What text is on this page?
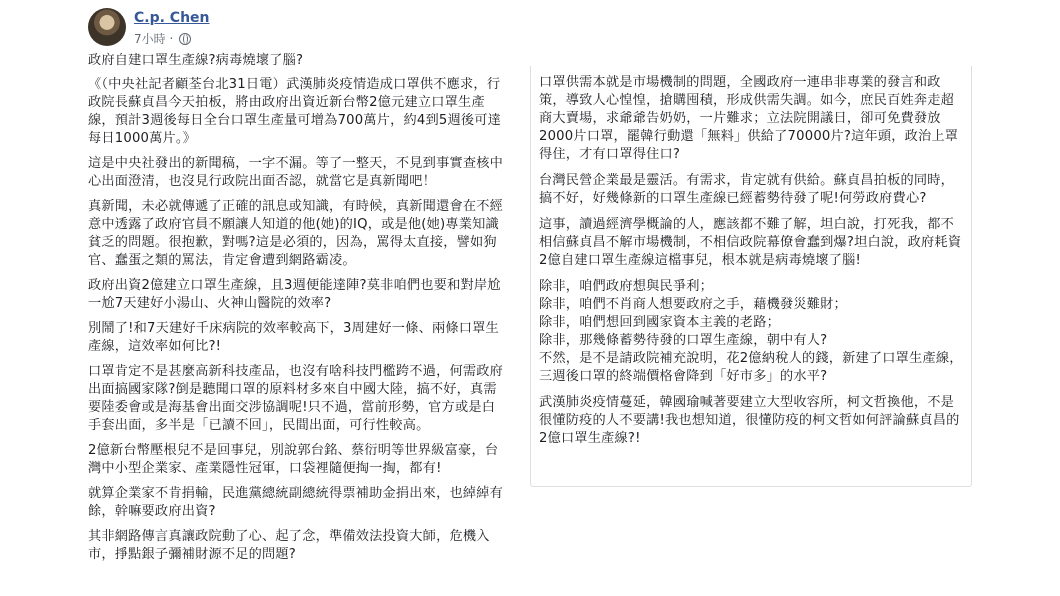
C.p. Chen
7小時 ·

政府自建口罩生產線?病毒燒壞了腦?

《（中央社記者顧荃台北31日電）武漢肺炎疫情造成口罩供不應求，行政院長蘇貞昌今天拍板，將由政府出資近新台幣2億元建立口罩生產線，預計3週後每日全台口罩生產量可增為700萬片，約4到5週後可達每日1000萬片。》

這是中央社發出的新聞稿，一字不漏。等了一整天，不見到事實查核中心出面澄清，也沒見行政院出面否認，就當它是真新聞吧！

真新聞，未必就傳遞了正確的訊息或知識，有時候，真新聞還會在不經意中透露了政府官員不願讓人知道的他(她)的IQ，或是他(她)專業知識貧乏的問題。很抱歉，對嗎?這是必須的，因為，罵得太直接，譬如狗官、蠢蛋之類的罵法，肯定會遭到網路霸凌。

政府出資2億建立口罩生產線，且3週便能達陣?莫非咱們也要和對岸尬一尬7天建好小湯山、火神山醫院的效率?

別鬧了!和7天建好千床病院的效率較高下，3周建好一條、兩條口罩生產線，這效率如何比?!

口罩肯定不是甚麼高新科技產品，也沒有啥科技門檻跨不過，何需政府出面搞國家隊?倒是聽聞口罩的原料材多來自中國大陸，搞不好，真需要陸委會或是海基會出面交涉協調呢!只不過，當前形勢，官方或是白手套出面，多半是「已讀不回」，民間出面，可行性較高。

2億新台幣壓根兒不是回事兒，別說郭台銘、蔡衍明等世界級富豪，台灣中小型企業家、產業隱性冠軍，口袋裡隨便掏一掏，都有!

就算企業家不肯捐輸，民進黨總統副總統得票補助金捐出來，也綽綽有餘，幹嘛要政府出資?

其非網路傳言真讓政院動了心、起了念，準備效法投資大師，危機入市，掙點銀子彌補財源不足的問題?

口罩供需本就是市場機制的問題，全國政府一連串非專業的發言和政策，導致人心惶惶，搶購囤積，形成供需失調。如今，庶民百姓奔走超商大賣場，求爺爺告奶奶，一片難求；立法院開議日，卻可免費發放2000片口罩，罷韓行動還「無料」供給了70000片?這年頭，政治上罩得住，才有口罩得住口?

台灣民營企業最是靈活。有需求，肯定就有供給。蘇貞昌拍板的同時，搞不好，好幾條新的口罩生產線已經蓄勢待發了呢!何勞政府費心?

這事，讀過經濟學概論的人，應該都不難了解，坦白說，打死我，都不相信蘇貞昌不解市場機制，不相信政院幕僚會蠢到爆?坦白說，政府耗資2億自建口罩生產線這檔事兒，根本就是病毒燒壞了腦!

除非，咱們政府想與民爭利；

除非，咱們不肖商人想要政府之手，藉機發災難財；

除非，咱們想回到國家資本主義的老路；

除非，那幾條蓄勢待發的口罩生產線，朝中有人?

不然，是不是請政院補充說明，花2億納稅人的錢，新建了口罩生產線，三週後口罩的終端價格會降到「好市多」的水平?

武漢肺炎疫情蔓延，韓國瑜喊著要建立大型收容所，柯文哲換他，不是很懂防疫的人不要講!我也想知道，很懂防疫的柯文哲如何評論蘇貞昌的2億口罩生產線?!
